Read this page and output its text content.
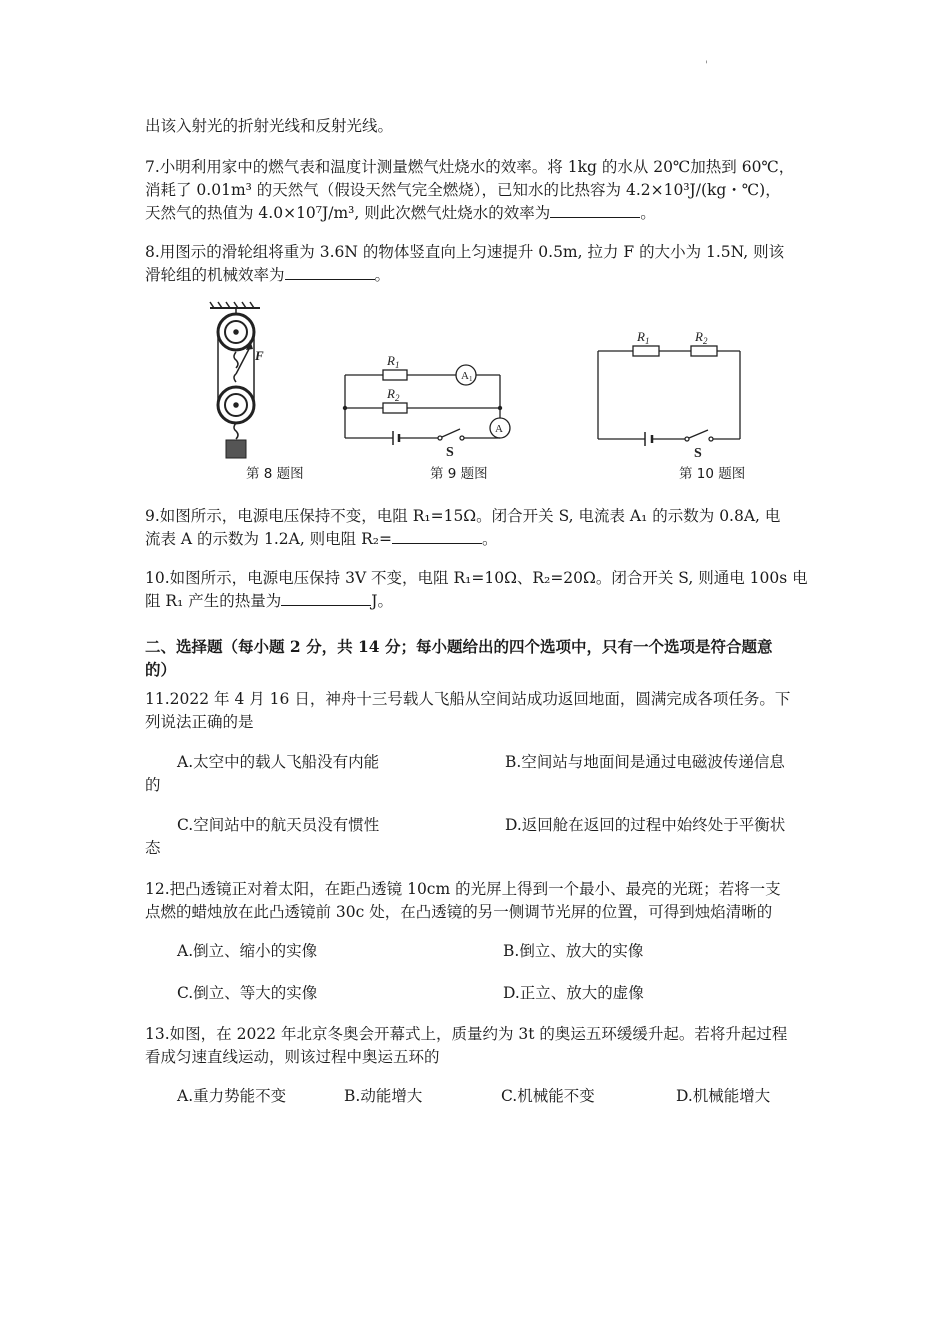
'
出该入射光的折射光线和反射光线。
7.小明利用家中的燃气表和温度计测量燃气灶烧水的效率。将 1kg 的水从 20℃加热到 60℃，
消耗了 0.01m³ 的天然气（假设天然气完全燃烧），已知水的比热容为 4.2×10³J/(kg・℃)，
天然气的热值为 4.0×10⁷J/m³, 则此次燃气灶烧水的效率为	。
8.用图示的滑轮组将重为 3.6N 的物体竖直向上匀速提升 0.5m, 拉力 F 的大小为 1.5N, 则该
滑轮组的机械效率为	。
F
第 8 题图
$R_1$
$R_2$
A1
A
S
第 9 题图
$R_1$	$R_2$
S
第 10 题图
9.如图所示，电源电压保持不变，电阻 R₁=15Ω。闭合开关 S, 电流表 A₁ 的示数为 0.8A, 电
流表 A 的示数为 1.2A, 则电阻 R₂=	。
10.如图所示，电源电压保持 3V 不变，电阻 R₁=10Ω、R₂=20Ω。闭合开关 S, 则通电 100s 电
阻 R₁ 产生的热量为	J。
二、选择题（每小题 2 分，共 14 分；每小题给出的四个选项中，只有一个选项是符合题意
的）
11.2022 年 4 月 16 日，神舟十三号载人飞船从空间站成功返回地面，圆满完成各项任务。下
列说法正确的是
A.太空中的载人飞船没有内能	B.空间站与地面间是通过电磁波传递信息
的
C.空间站中的航天员没有惯性	D.返回舱在返回的过程中始终处于平衡状
态
12.把凸透镜正对着太阳，在距凸透镜 10cm 的光屏上得到一个最小、最亮的光斑；若将一支
点燃的蜡烛放在此凸透镜前 30c 处，在凸透镜的另一侧调节光屏的位置，可得到烛焰清晰的
A.倒立、缩小的实像	B.倒立、放大的实像
C.倒立、等大的实像	D.正立、放大的虚像
13.如图，在 2022 年北京冬奥会开幕式上，质量约为 3t 的奥运五环缓缓升起。若将升起过程
看成匀速直线运动，则该过程中奥运五环的
A.重力势能不变	B.动能增大	C.机械能不变	D.机械能增大
